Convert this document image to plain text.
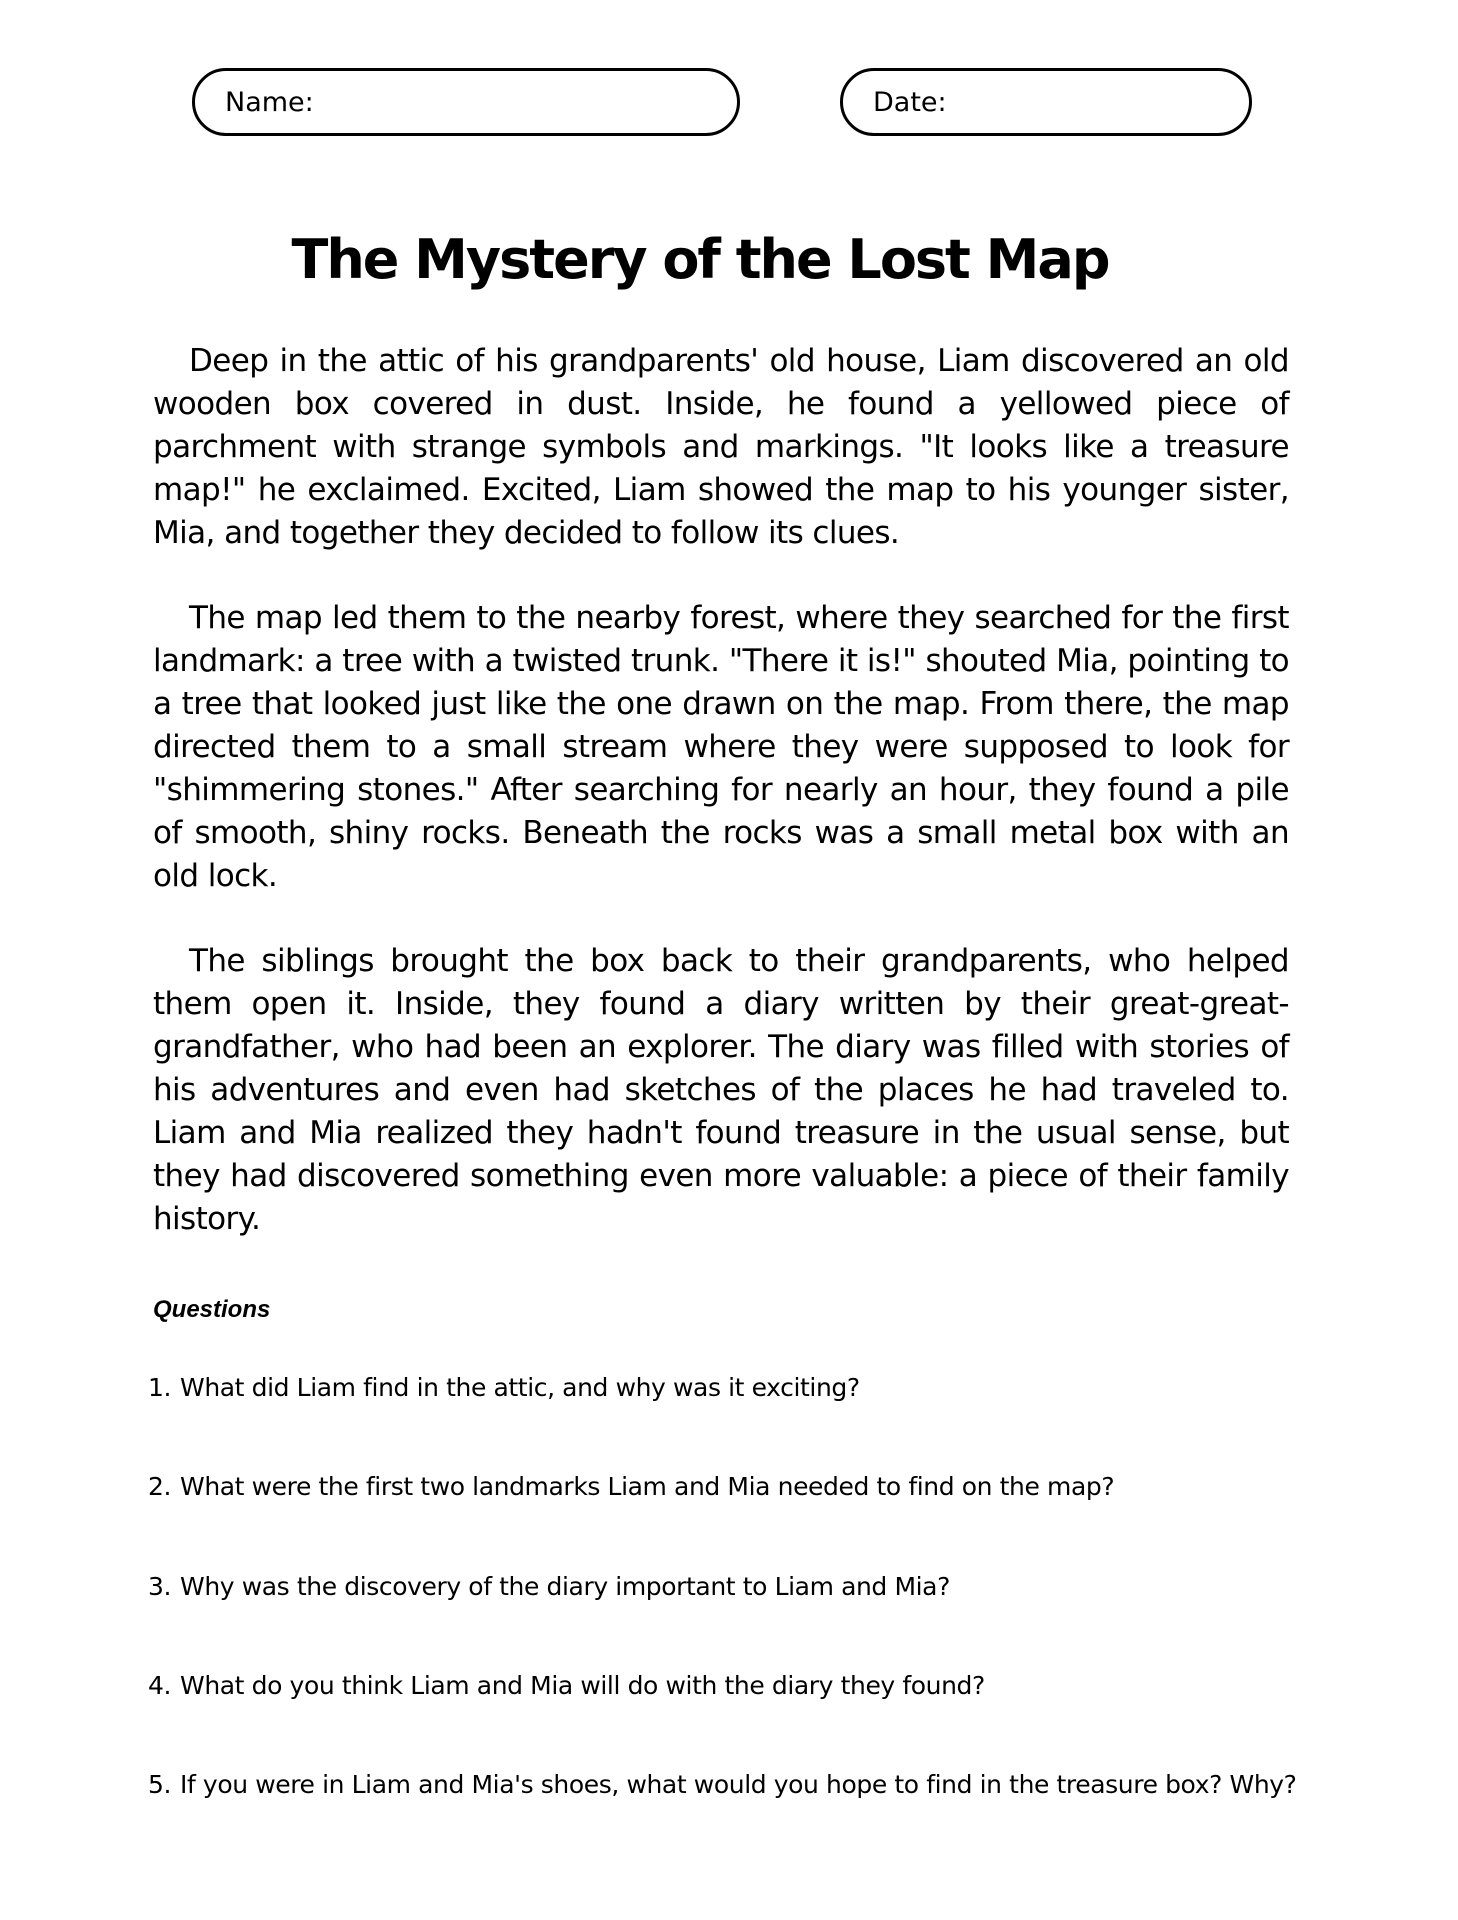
Name:	Date:
The Mystery of the Lost Map

Deep in the attic of his grandparents' old house, Liam discovered an old wooden box covered in dust. Inside, he found a yellowed piece of parchment with strange symbols and markings. "It looks like a treasure map!" he exclaimed. Excited, Liam showed the map to his younger sister, Mia, and together they decided to follow its clues.

The map led them to the nearby forest, where they searched for the first landmark: a tree with a twisted trunk. "There it is!" shouted Mia, pointing to a tree that looked just like the one drawn on the map. From there, the map directed them to a small stream where they were supposed to look for "shimmering stones." After searching for nearly an hour, they found a pile of smooth, shiny rocks. Beneath the rocks was a small metal box with an old lock.

The siblings brought the box back to their grandparents, who helped them open it. Inside, they found a diary written by their great-great-grandfather, who had been an explorer. The diary was filled with stories of his adventures and even had sketches of the places he had traveled to. Liam and Mia realized they hadn't found treasure in the usual sense, but they had discovered something even more valuable: a piece of their family history.

Questions
1. What did Liam find in the attic, and why was it exciting?
2. What were the first two landmarks Liam and Mia needed to find on the map?
3. Why was the discovery of the diary important to Liam and Mia?
4. What do you think Liam and Mia will do with the diary they found?
5. If you were in Liam and Mia's shoes, what would you hope to find in the treasure box? Why?
